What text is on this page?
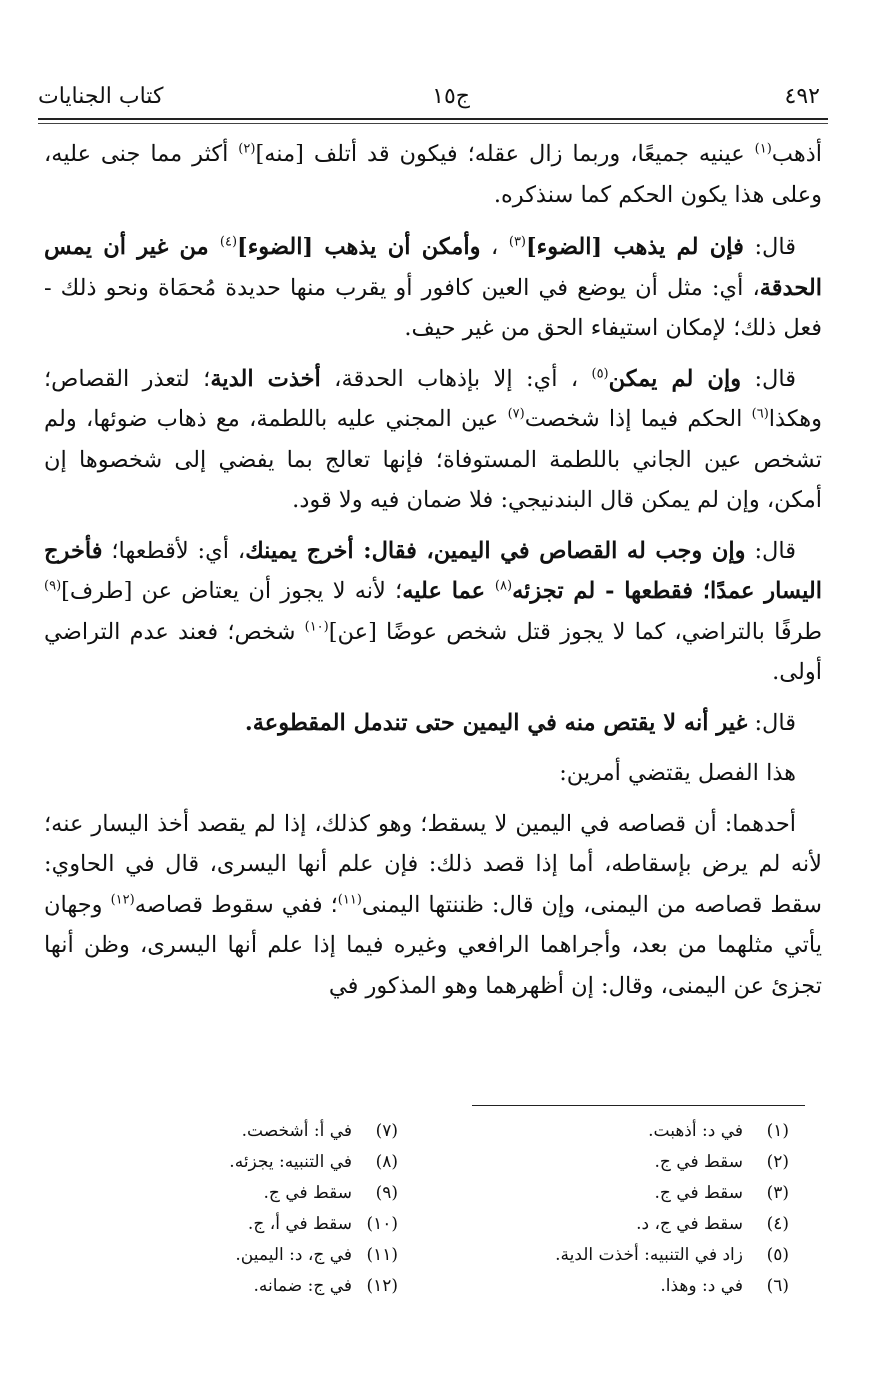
٤٩٢
ج١٥
كتاب الجنايات

أذهب$^{(١)}$ عينيه جميعًا، وربما زال عقله؛ فيكون قد أتلف [منه]$^{(٢)}$ أكثر مما جنى عليه، وعلى هذا يكون الحكم كما سنذكره.

قال: فإن لم يذهب [الضوء]$^{(٣)}$ ، وأمكن أن يذهب [الضوء]$^{(٤)}$ من غير أن يمس الحدقة، أي: مثل أن يوضع في العين كافور أو يقرب منها حديدة مُحمَاة ونحو ذلك - فعل ذلك؛ لإمكان استيفاء الحق من غير حيف.

قال: وإن لم يمكن$^{(٥)}$ ، أي: إلا بإذهاب الحدقة، أخذت الدية؛ لتعذر القصاص؛ وهكذا$^{(٦)}$ الحكم فيما إذا شخصت$^{(٧)}$ عين المجني عليه باللطمة، مع ذهاب ضوئها، ولم تشخص عين الجاني باللطمة المستوفاة؛ فإنها تعالج بما يفضي إلى شخصوها إن أمكن، وإن لم يمكن قال البندنيجي: فلا ضمان فيه ولا قود.

قال: وإن وجب له القصاص في اليمين، فقال: أخرج يمينك، أي: لأقطعها؛ فأخرج اليسار عمدًا؛ فقطعها - لم تجزئه$^{(٨)}$ عما عليه؛ لأنه لا يجوز أن يعتاض عن [طرف]$^{(٩)}$ طرفًا بالتراضي، كما لا يجوز قتل شخص عوضًا [عن]$^{(١٠)}$ شخص؛ فعند عدم التراضي أولى.

قال: غير أنه لا يقتص منه في اليمين حتى تندمل المقطوعة.

هذا الفصل يقتضي أمرين:

أحدهما: أن قصاصه في اليمين لا يسقط؛ وهو كذلك، إذا لم يقصد أخذ اليسار عنه؛ لأنه لم يرض بإسقاطه، أما إذا قصد ذلك: فإن علم أنها اليسرى، قال في الحاوي: سقط قصاصه من اليمنى، وإن قال: ظننتها اليمنى$^{(١١)}$؛ ففي سقوط قصاصه$^{(١٢)}$ وجهان يأتي مثلهما من بعد، وأجراهما الرافعي وغيره فيما إذا علم أنها اليسرى، وظن أنها تجزئ عن اليمنى، وقال: إن أظهرهما وهو المذكور في

(١)في د: أذهبت.
(٢)سقط في ج.
(٣)سقط في ج.
(٤)سقط في ج، د.
(٥)زاد في التنبيه: أخذت الدية.
(٦)في د: وهذا.
(٧)في أ: أشخصت.
(٨)في التنبيه: يجزئه.
(٩)سقط في ج.
(١٠)سقط في أ، ج.
(١١)في ج، د: اليمين.
(١٢)في ج: ضمانه.
